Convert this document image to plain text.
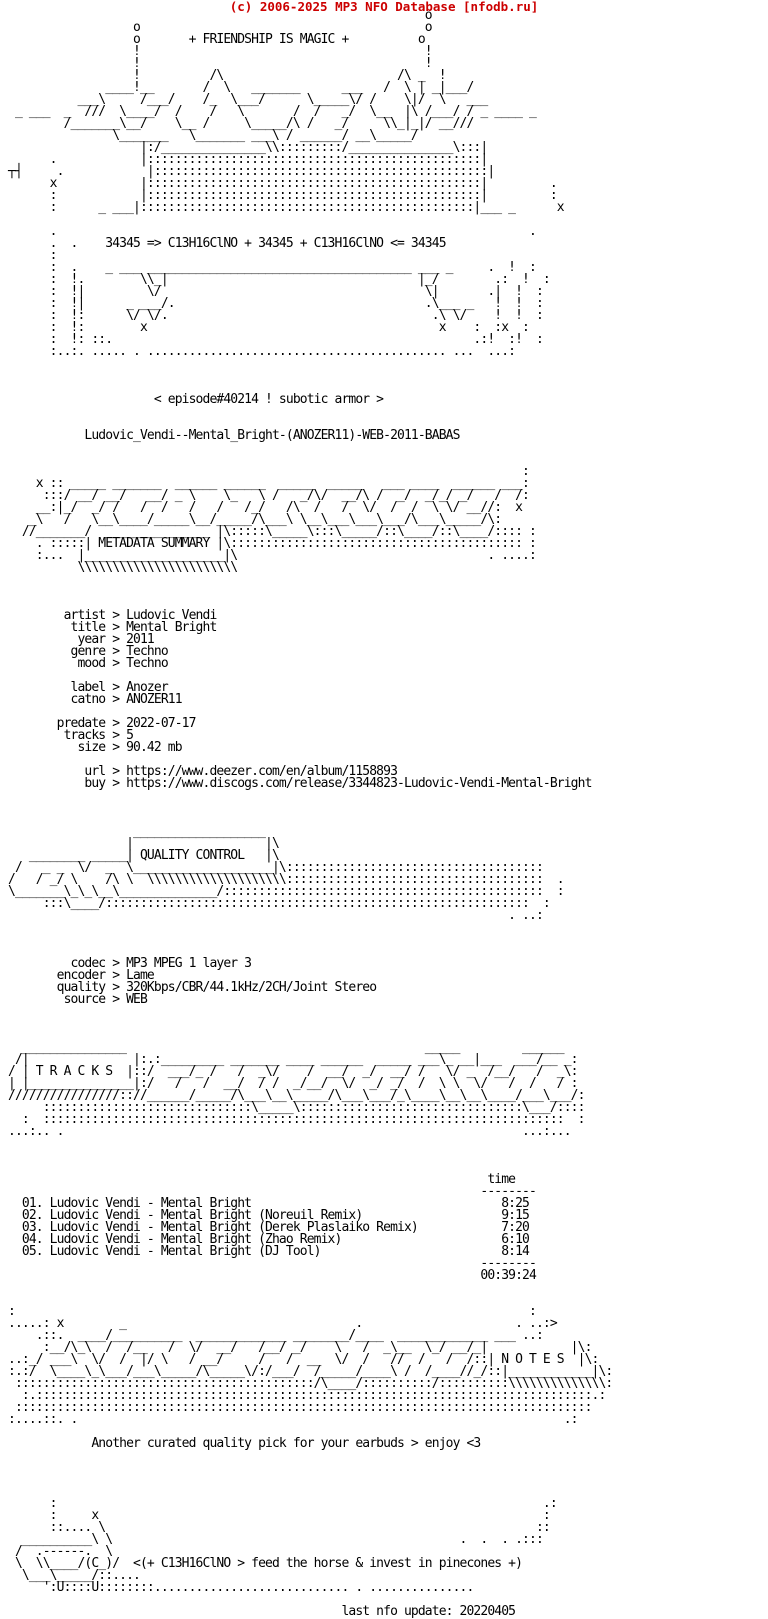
(c) 2006-2025 MP3 NFO Database [nfodb.ru]
o
o                                         o
o       + FRIENDSHIP IS MAGIC +          o
!                                         !
!                                         !
!          /\                         /\ _  !
____!__       /  \   _______      ___   /  \ | _|___/
___\     /___/    /_  \___/      \_____\/ /    \|/  \   ___
_ ___  _  ///  \____/  /    /   \       /  /   _/  \__  |\ /___/ / _ ____ _
/_______\__/    \__ /     \_____/\ /   _/     \\_|_|/ __///
\_______   \_______ ___\ / ______/ __\_____/
|:/_______________\\:::::::::/_______________\:::|
.            |::::::::::::::::::::::::::::::::::::::::::::::::|
┬┤     .            |::::::::::::::::::::::::::::::::::::::::::::::::|
x            |::::::::::::::::::::::::::::::::::::::::::::::::|         .
:            |::::::::::::::::::::::::::::::::::::::::::::::::|         :
:      _ ___|::::::::::::::::::::::::::::::::::::::::::::::::|___ _      x

.                                                                    .
.  .    34345 => C13H16ClNO + 34345 + C13H16ClNO <= 34345
:
:  .    _ ___ ______________________________________ ___ _     .  !  :
:  !.        \\_|                                    |_/        .:  !  :
:  !|         \/                                      \|       .|  !  :
:  !|      _ ___/.                                    .\___ _   !  !  :
:  !:      \/ \/.                                      .\ \/    !  !  :
:  !:        x                                          x    :  :x  :
:  !: ::.                                                    .:!  :!  :
:..:. ..... . ........................................... ...  ...:

< episode#40214 ! subotic armor >

Ludovic_Vendi--Mental_Bright-(ANOZER11)-WEB-2011-BABAS

:
x :: _____ _______  ______ ______  _____  _____   ___ ____  ______ ___:
:::/ __/ __/   __/ _ \    \_   \ /   _/\/  __/\ /  _/  _/_/ _/   /  /:
__:|_/  _/ /   /  /   /   /   /_/   /\  /   /  \/  /  /  \ \/ __//:  x
_\   /   \__\____/_____\__/_____/\___\ \__\___\___\___/\___\_____/\:
//_______/  _______________ |\:::::\_____\:::\_____/::\____/::\____/:::: :
. :::::| METADATA SUMMARY |\:::::::::::::::::::::::::::::::::::::::::: :
:...  |____________________|\                                    . ....:
\\\\\\\\\\\\\\\\\\\\\\\

artist > Ludovic Vendi
title > Mental Bright
year > 2011
genre > Techno
mood > Techno

label > Anozer
catno > ANOZER11

predate > 2022-07-17
tracks > 5
size > 90.42 mb

url > https://www.deezer.com/en/album/1158893
buy > https://www.discogs.com/release/3344823-Ludovic-Vendi-Mental-Bright

___________________
|                   |\
________ _____| QUALITY CONTROL   |\
/   _ _  \/  _  \____________________|\:::::::::::::::::::::::::::::::::::::
/   / _/ \    /\ \  \\\\\\\\\\\\\\\\\\\\:::::::::::::::::::::::::::::::::::::  .
\_______\_\_\__\______________/::::::::::::::::::::::::::::::::::::::::::::::  :
:::\____/:::::::::::::::::::::::::::::::::::::::::::::::::::::::::::::  :
. ..:

codec > MP3 MPEG 1 layer 3
encoder > Lame
quality > 320Kbps/CBR/44.1kHz/2CH/Joint Stereo
source > WEB

_______________                                           _____         ______
/|               |:.:_________ _______ ____ ______  _____ ___\_ __|___  ___/__ _:
/ | T R A C K S  |::/  ___/_ /   /  _\/    /  __/  _/  __/ /   \/ _  /__/   /  _\:
| |_______________|:/   /   /  __/  / /  _/__/  \/  _/ _/  /  \ \  \/   /  /   / :
////////////////:://______/_____/\___\__\_____/\___\___/_\____\__\__\____/___\___/:
::::::::::::::::::::::::::::::\_____\::::::::::::::::::::::::::::::::\___/::::
:  :::::::::::::::::::::::::::::::::::::::::::::::::::::::::::::::::::::::::::  :
...:.. .                                                                  ...:...

time
--------
01. Ludovic Vendi - Mental Bright                                    8:25
02. Ludovic Vendi - Mental Bright (Noreuil Remix)                    9:15
03. Ludovic Vendi - Mental Bright (Derek Plaslaiko Remix)            7:20
04. Ludovic Vendi - Mental Bright (Zhao Remix)                       6:10
05. Ludovic Vendi - Mental Bright (DJ Tool)                          8:14
--------
00:39:24

:                                                                          :
.....: x        _                                 .                      . ..:>
.::.  ____/__________  _____________ ________/____  _____________ ___ ..:
:__/\_\  /  /__   /  \/  __/   /__/ _/    \   /  _\__  \_/ __/_|            |\:
..:_/ ___\  \/  /  |/ \   / __/     /   /  __  \/  /   //  /   /  /::| N O T E S  |\:
:.:/  \____\_\___/___\_____/\_____\/:/___/  /_____/____\ /  /____//_/::|____________|\:
:::::::::::::::::::::::::::::::::::::::::::/\____/::::::::::/::::::::::\\\\\\\\\\\\\\:
:.::::::::::::::::::::::::::::::::::::::::::::::::::::::::::::::::::::::::::::::::.:
:::::::::::::::::::::::::::::::::::::::::::::::::::::::::::::::::::::::::::::::::::
:....::. .                                                                      .:

Another curated quality pick for your earbuds > enjoy <3

:                                                                      .:
:     x                                                                :
::.... \                                                              ::
__________\ \                                                  .  .  . .:::
/  .------.  \
\  \\____/(C_)/  <(+ C13H16ClNO > feed the horse & invest in pinecones +)
\___\_____/::....
':U::::U::::::::............................ . ...............

last nfo update: 20220405
